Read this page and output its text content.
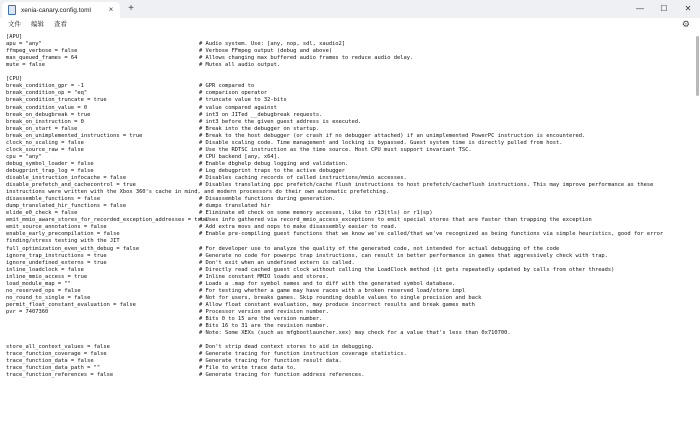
xenia-canary.config.toml	×	+	—	☐	✕
文件	编辑	查看	⚙
[APU]
apu = "any"	# Audio system. Use: [any, nop, sdl, xaudio2]
ffmpeg_verbose = false	# Verbose FFmpeg output (debug and above)
max_queued_frames = 64	# Allows changing max buffered audio frames to reduce audio delay.
mute = false	# Mutes all audio output.
[CPU]
break_condition_gpr = -1	# GPR compared to
break_condition_op = "eq"	# comparison operator
break_condition_truncate = true	# truncate value to 32-bits
break_condition_value = 0	# value compared against
break_on_debugbreak = true	# int3 on JITed __debugbreak requests.
break_on_instruction = 0	# int3 before the given guest address is executed.
break_on_start = false	# Break into the debugger on startup.
break_on_unimplemented_instructions = true	# Break to the host debugger (or crash if no debugger attached) if an unimplemented PowerPC instruction is encountered.
clock_no_scaling = false	# Disable scaling code. Time management and locking is bypassed. Guest system time is directly pulled from host.
clock_source_raw = false	# Use the RDTSC instruction as the time source. Host CPU must support invariant TSC.
cpu = "any"	# CPU backend [any, x64].
debug_symbol_loader = false	# Enable dbghelp debug logging and validation.
debugprint_trap_log = false	# Log debugprint traps to the active debugger
disable_instruction_infocache = false	# Disables caching records of called instructions/mmio accesses.
disable_prefetch_and_cachecontrol = true	# Disables translating ppc prefetch/cache flush instructions to host prefetch/cacheflush instructions. This may improve performance as these
instructions were written with the Xbox 360's cache in mind, and modern processors do their own automatic prefetching.
disassemble_functions = false	# Disassemble functions during generation.
dump_translated_hir_functions = false	# dumps translated hir
elide_e0_check = false	# Eliminate e0 check on some memory accesses, like to r13(tls) or r1(sp)
emit_mmio_aware_stores_for_recorded_exception_addresses = true
# Uses info gathered via record_mmio_access_exceptions to emit special stores that are faster than trapping the exception
emit_source_annotations = false	# Add extra movs and nops to make disassembly easier to read.
enable_early_precompilation = false	# Enable pre-compiling guest functions that we know we've called/that we've recognized as being functions via simple heuristics, good for error
finding/stress testing with the JIT
full_optimization_even_with_debug = false	# For developer use to analyze the quality of the generated code, not intended for actual debugging of the code
ignore_trap_instructions = true	# Generate no code for powerpc trap instructions, can result in better performance in games that aggressively check with trap.
ignore_undefined_externs = true	# Don't exit when an undefined extern is called.
inline_loadclock = false	# Directly read cached guest clock without calling the LoadClock method (it gets repeatedly updated by calls from other threads)
inline_mmio_access = true	# Inline constant MMIO loads and stores.
load_module_map = ""	# Loads a .map for symbol names and to diff with the generated symbol database.
no_reserved_ops = false	# For testing whether a game may have races with a broken reserved load/store impl
no_round_to_single = false	# Not for users, breaks games. Skip rounding double values to single precision and back
permit_float_constant_evaluation = false	# Allow float constant evaluation, may produce incorrect results and break games math
pvr = 7407360	# Processor version and revision number.
# Bits 0 to 15 are the version number.
# Bits 16 to 31 are the revision number.
# Note: Some XEXs (such as mfgbootlauncher.xex) may check for a value that's less than 0x710700.
store_all_context_values = false	# Don't strip dead context stores to aid in debugging.
trace_function_coverage = false	# Generate tracing for function instruction coverage statistics.
trace_function_data = false	# Generate tracing for function result data.
trace_function_data_path = ""	# File to write trace data to.
trace_function_references = false	# Generate tracing for function address references.
